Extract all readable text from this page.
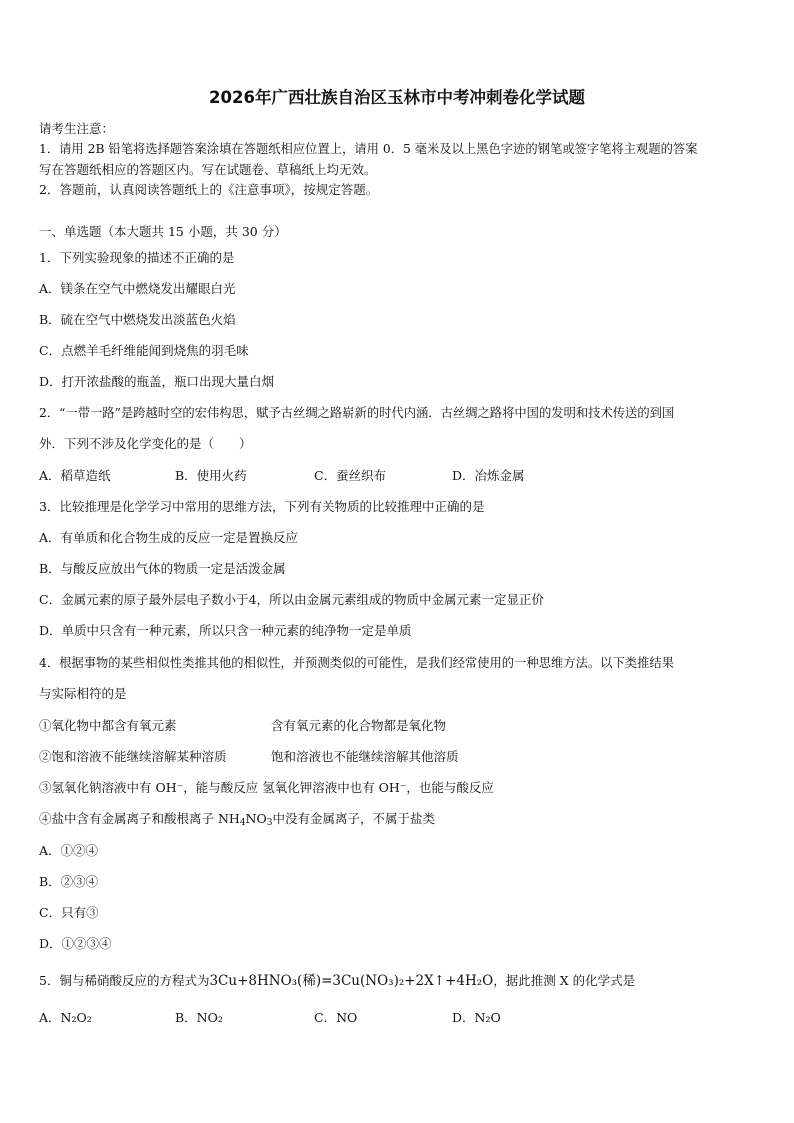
2026年广西壮族自治区玉林市中考冲刺卷化学试题
请考生注意：
1．请用 2B 铅笔将选择题答案涂填在答题纸相应位置上，请用 0．5 毫米及以上黑色字迹的钢笔或签字笔将主观题的答案
写在答题纸相应的答题区内。写在试题卷、草稿纸上均无效。
2．答题前，认真阅读答题纸上的《注意事项》，按规定答题。
一、单选题（本大题共 15 小题，共 30 分）
1．下列实验现象的描述不正确的是
A．镁条在空气中燃烧发出耀眼白光
B．硫在空气中燃烧发出淡蓝色火焰
C．点燃羊毛纤维能闻到烧焦的羽毛味
D．打开浓盐酸的瓶盖，瓶口出现大量白烟
2．“一带一路”是跨越时空的宏伟构思，赋予古丝绸之路崭新的时代内涵．古丝绸之路将中国的发明和技术传送的到国
外．下列不涉及化学变化的是（　　）
A．稻草造纸	B．使用火药	C．蚕丝织布	D．冶炼金属
3．比较推理是化学学习中常用的思维方法，下列有关物质的比较推理中正确的是
A．有单质和化合物生成的反应一定是置换反应
B．与酸反应放出气体的物质一定是活泼金属
C．金属元素的原子最外层电子数小于4，所以由金属元素组成的物质中金属元素一定显正价
D．单质中只含有一种元素，所以只含一种元素的纯净物一定是单质
4．根据事物的某些相似性类推其他的相似性，并预测类似的可能性，是我们经常使用的一种思维方法。以下类推结果
与实际相符的是
①氧化物中都含有氧元素	含有氧元素的化合物都是氧化物
②饱和溶液不能继续溶解某种溶质	饱和溶液也不能继续溶解其他溶质
③氢氧化钠溶液中有 OH⁻，能与酸反应 氢氧化钾溶液中也有 OH⁻，也能与酸反应
④盐中含有金属离子和酸根离子 $NH_4NO_3$中没有金属离子，不属于盐类
A．①②④
B．②③④
C．只有③
D．①②③④
5．铜与稀硝酸反应的方程式为3Cu+8HNO₃(稀)=3Cu(NO₃)₂+2X↑+4H₂O，据此推测 X 的化学式是
A．N₂O₂	B．NO₂	C．NO	D．N₂O
